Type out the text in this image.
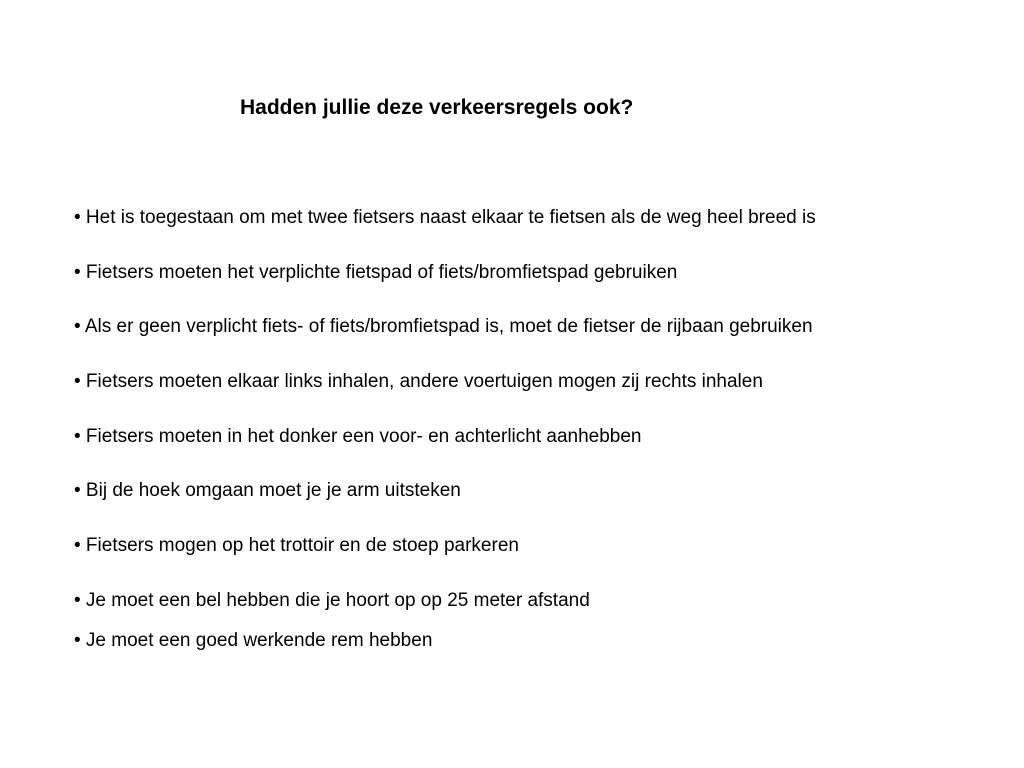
Hadden jullie deze verkeersregels ook?
• Het is toegestaan om met twee fietsers naast elkaar te fietsen als de weg heel breed is
• Fietsers moeten het verplichte fietspad of fiets/bromfietspad gebruiken
• Als er geen verplicht fiets- of fiets/bromfietspad is, moet de fietser de rijbaan gebruiken
• Fietsers moeten elkaar links inhalen, andere voertuigen mogen zij rechts inhalen
• Fietsers moeten in het donker een voor- en achterlicht aanhebben
• Bij de hoek omgaan moet je je arm uitsteken
• Fietsers mogen op het trottoir en de stoep parkeren
• Je moet een bel hebben die je hoort op op 25 meter afstand
• Je moet een goed werkende rem hebben
